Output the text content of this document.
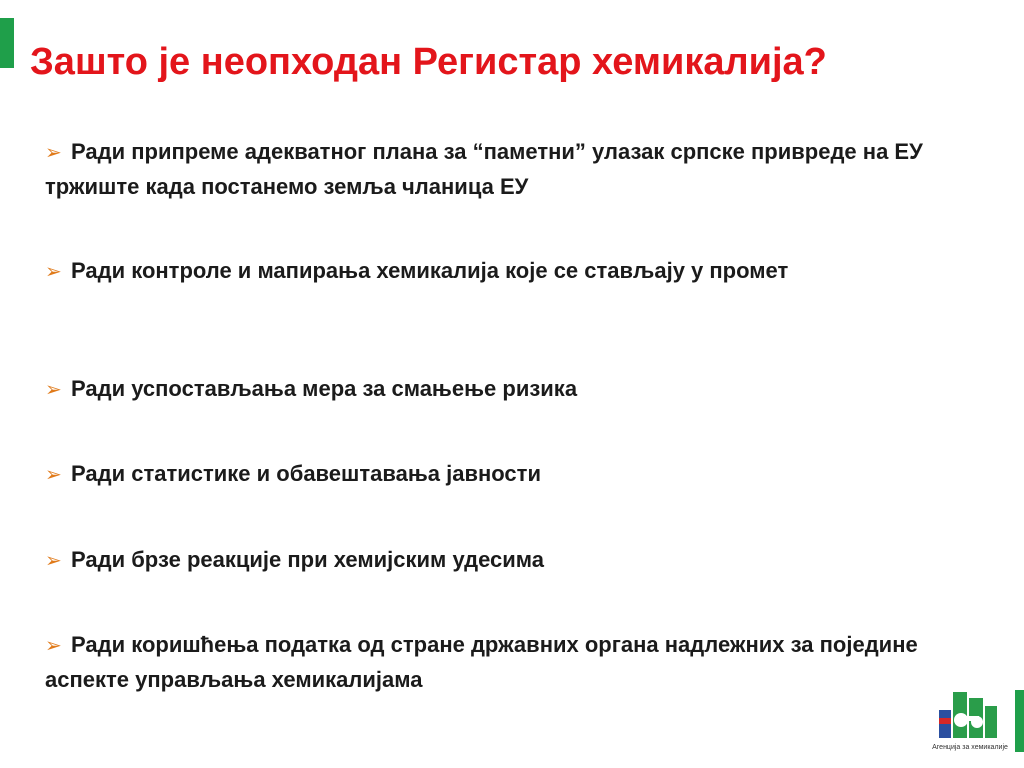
Зашто је неопходан Регистар хемикалија?
➢ Ради припреме адекватног плана за “паметни” улазак српске привреде на ЕУ тржиште када постанемо земља чланица ЕУ
➢ Ради контроле и мапирања хемикалија које се стављају у промет
➢ Ради успостављања мера за смањење ризика
➢ Ради статистике и обавештавања јавности
➢ Ради брзе реакције при хемијским удесима
➢ Ради коришћења податка од стране државних органа надлежних за поједине аспекте управљања хемикалијама
Агенција за хемикалије
